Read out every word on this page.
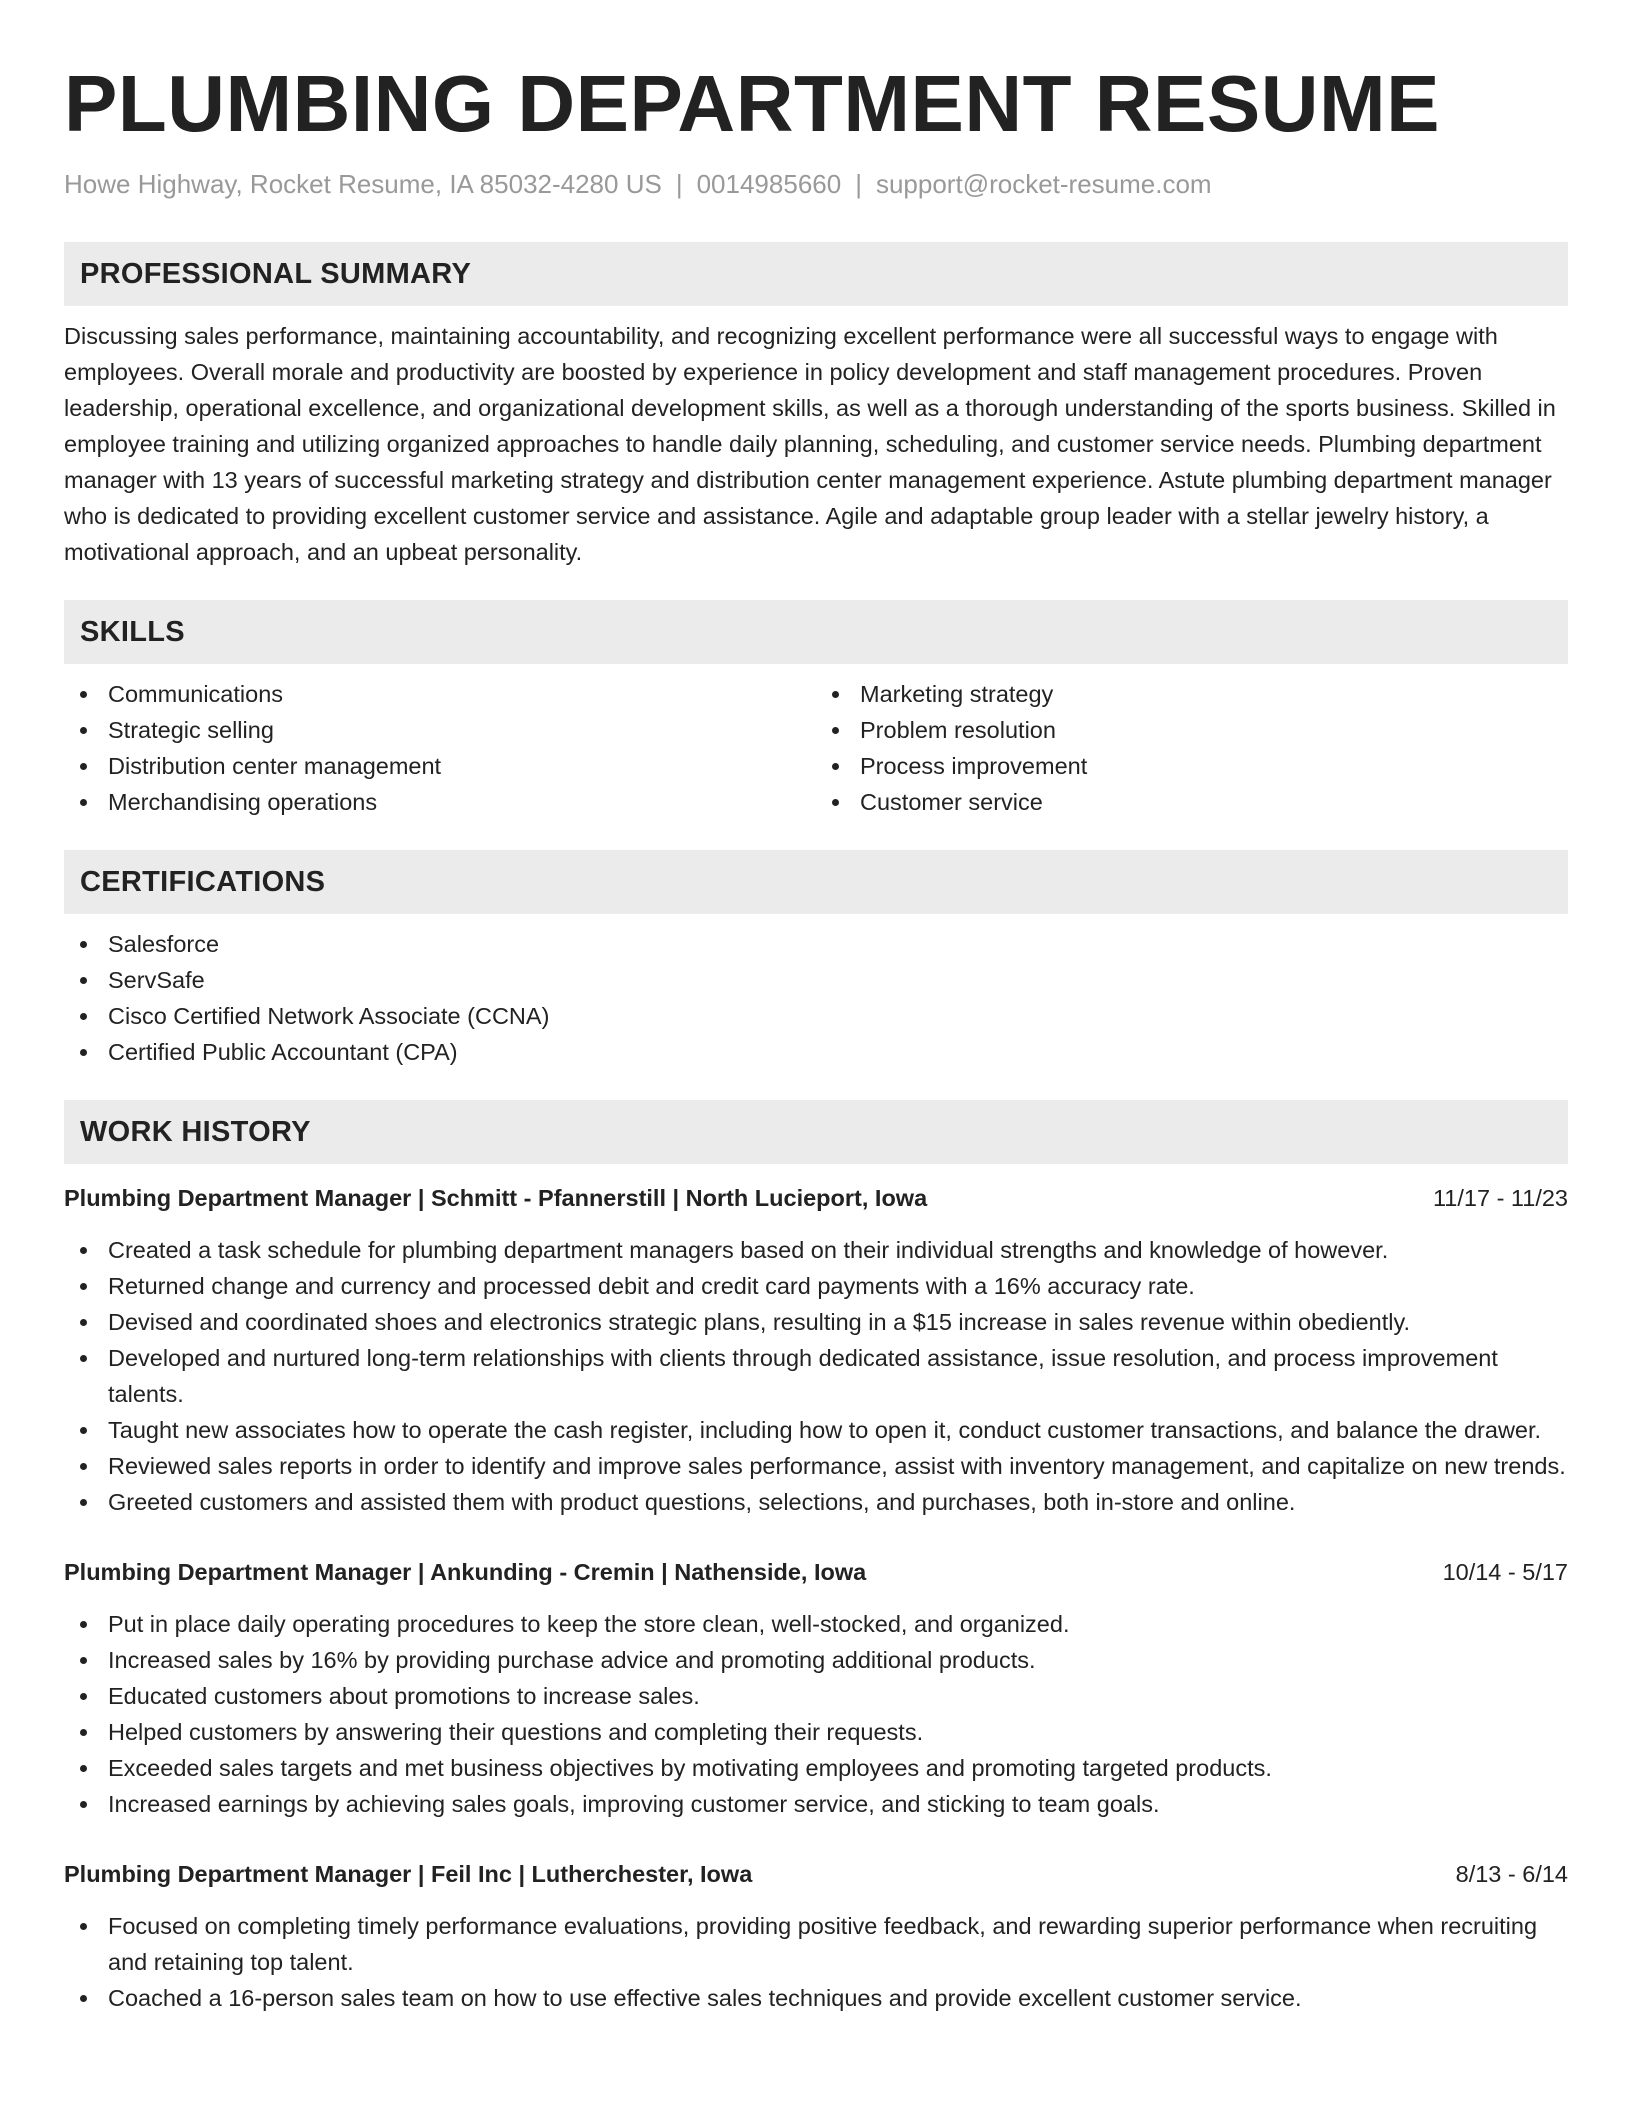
PLUMBING DEPARTMENT RESUME
Howe Highway, Rocket Resume, IA 85032-4280 US | 0014985660 | support@rocket-resume.com
PROFESSIONAL SUMMARY
Discussing sales performance, maintaining accountability, and recognizing excellent performance were all successful ways to engage with employees. Overall morale and productivity are boosted by experience in policy development and staff management procedures. Proven leadership, operational excellence, and organizational development skills, as well as a thorough understanding of the sports business. Skilled in employee training and utilizing organized approaches to handle daily planning, scheduling, and customer service needs. Plumbing department manager with 13 years of successful marketing strategy and distribution center management experience. Astute plumbing department manager who is dedicated to providing excellent customer service and assistance. Agile and adaptable group leader with a stellar jewelry history, a motivational approach, and an upbeat personality.
SKILLS
Communications
Strategic selling
Distribution center management
Merchandising operations
Marketing strategy
Problem resolution
Process improvement
Customer service
CERTIFICATIONS
Salesforce
ServSafe
Cisco Certified Network Associate (CCNA)
Certified Public Accountant (CPA)
WORK HISTORY
Plumbing Department Manager | Schmitt - Pfannerstill | North Lucieport, Iowa	11/17 - 11/23
Created a task schedule for plumbing department managers based on their individual strengths and knowledge of however.
Returned change and currency and processed debit and credit card payments with a 16% accuracy rate.
Devised and coordinated shoes and electronics strategic plans, resulting in a $15 increase in sales revenue within obediently.
Developed and nurtured long-term relationships with clients through dedicated assistance, issue resolution, and process improvement talents.
Taught new associates how to operate the cash register, including how to open it, conduct customer transactions, and balance the drawer.
Reviewed sales reports in order to identify and improve sales performance, assist with inventory management, and capitalize on new trends.
Greeted customers and assisted them with product questions, selections, and purchases, both in-store and online.
Plumbing Department Manager | Ankunding - Cremin | Nathenside, Iowa	10/14 - 5/17
Put in place daily operating procedures to keep the store clean, well-stocked, and organized.
Increased sales by 16% by providing purchase advice and promoting additional products.
Educated customers about promotions to increase sales.
Helped customers by answering their questions and completing their requests.
Exceeded sales targets and met business objectives by motivating employees and promoting targeted products.
Increased earnings by achieving sales goals, improving customer service, and sticking to team goals.
Plumbing Department Manager | Feil Inc | Lutherchester, Iowa	8/13 - 6/14
Focused on completing timely performance evaluations, providing positive feedback, and rewarding superior performance when recruiting and retaining top talent.
Coached a 16-person sales team on how to use effective sales techniques and provide excellent customer service.
